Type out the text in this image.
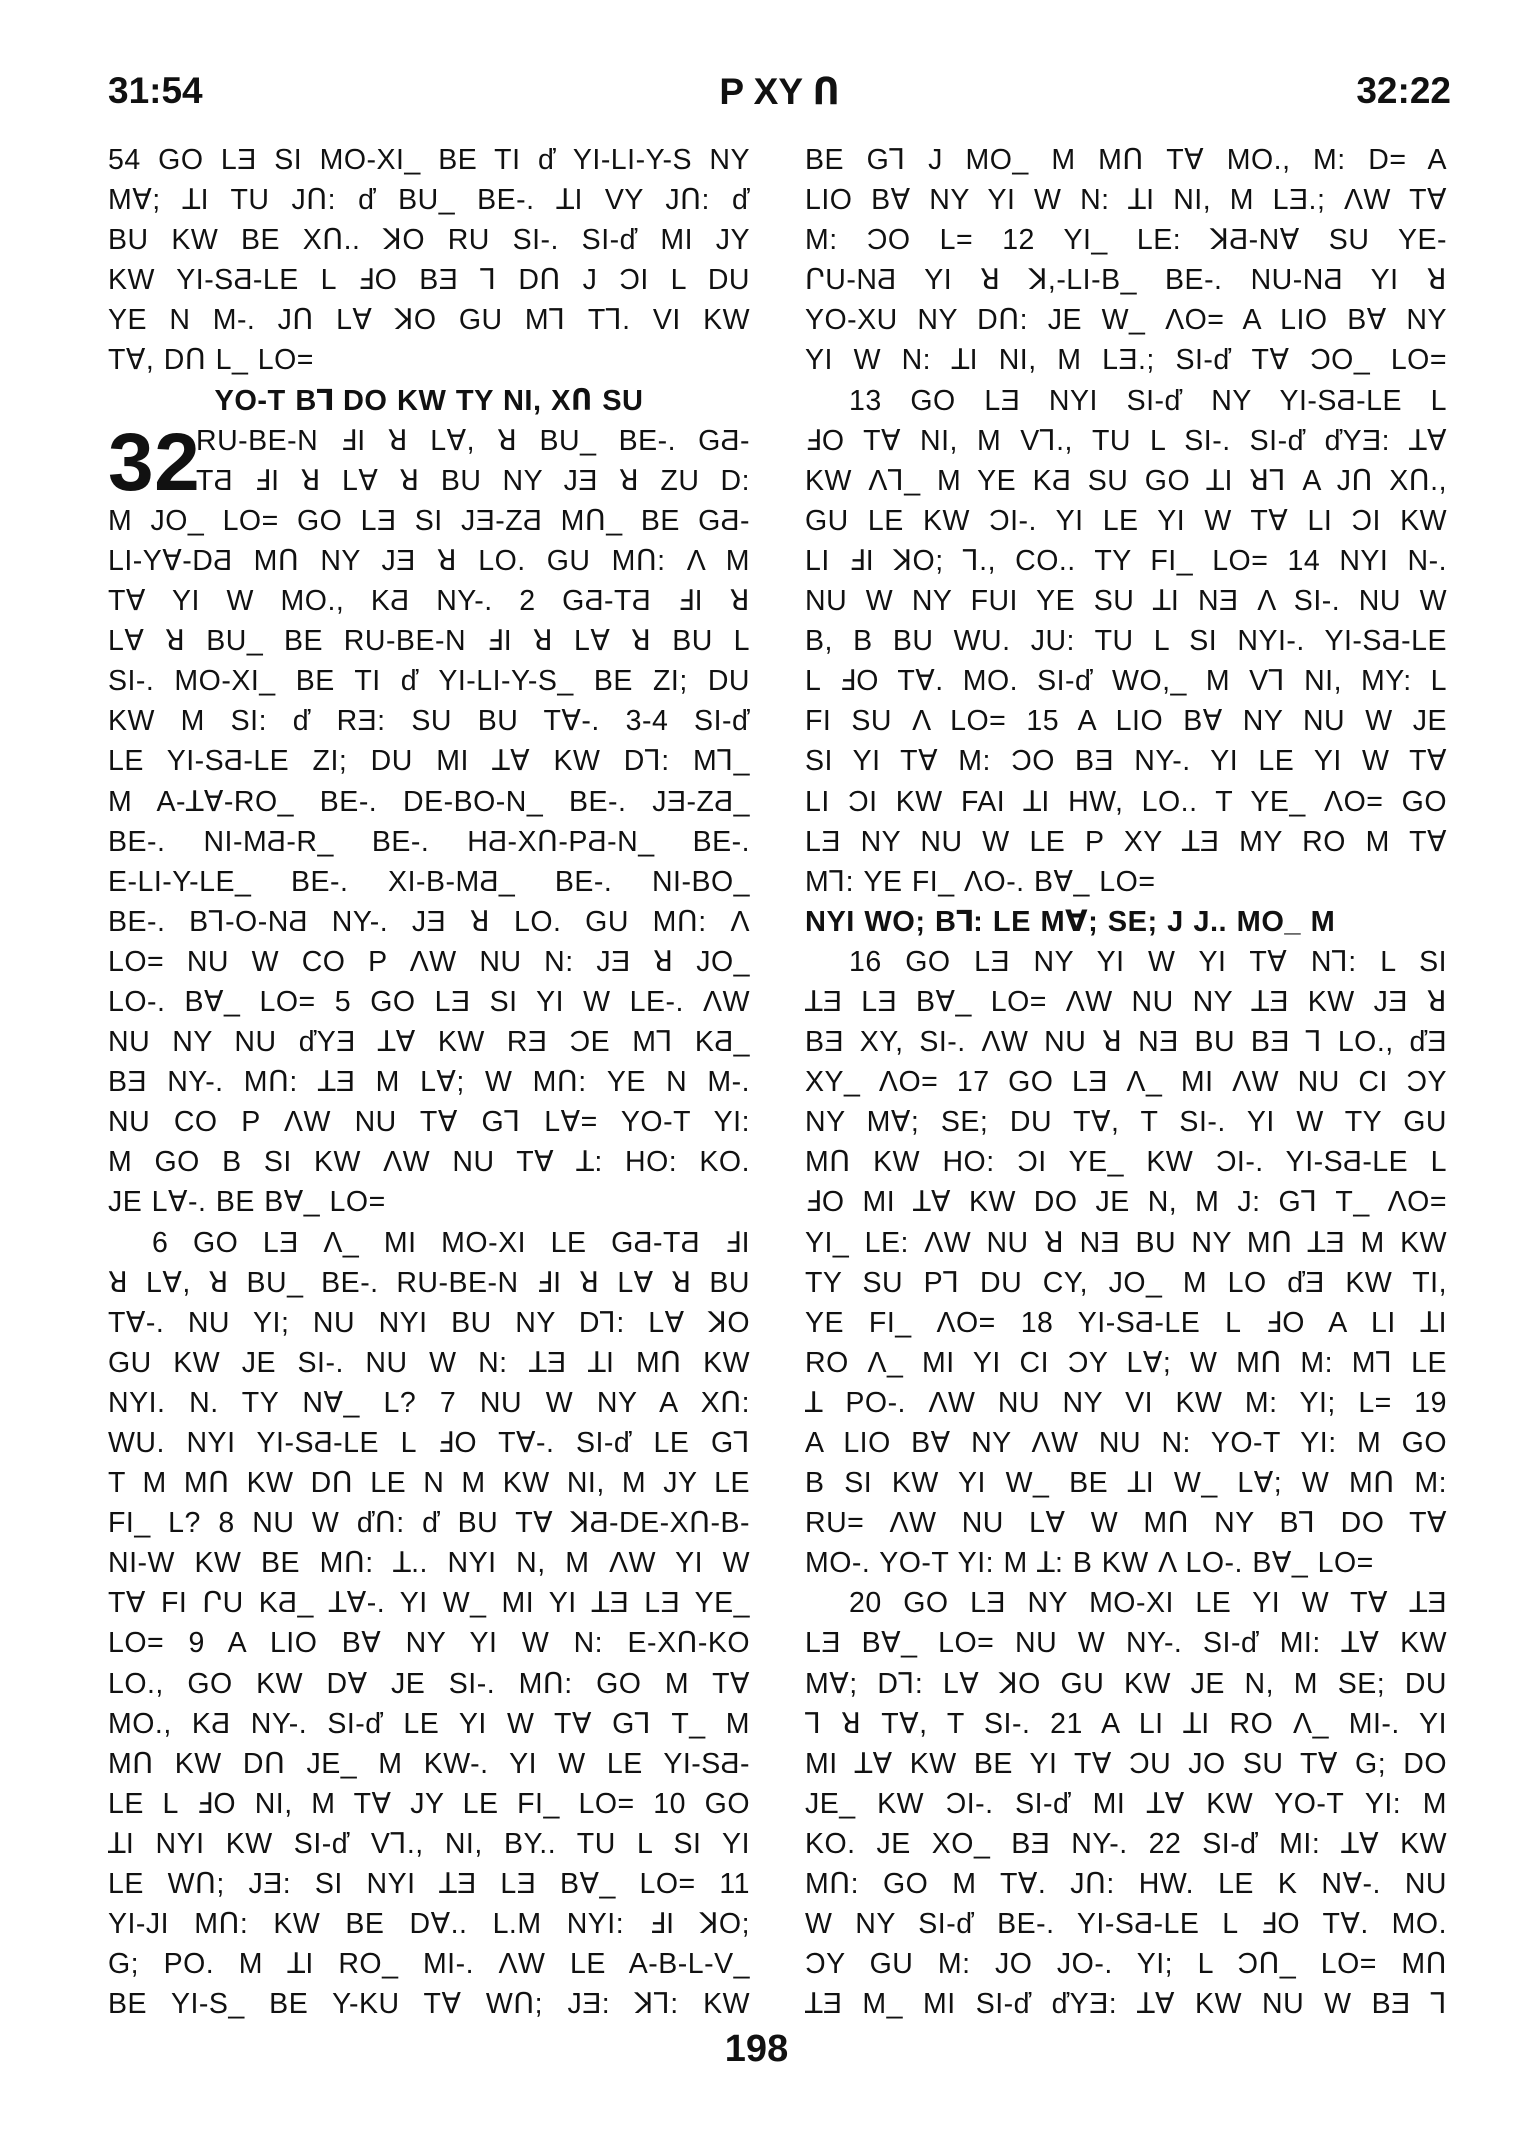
31:54	P XY Ո	32:22
54 GO LƎ SI MO-XI_ BE TI ď YI-LI-Y-S NY
MⱯ; ꓕI TU JՈ: ď BU_ BE-. ꓕI VY JՈ: ď
BU KW BE XՈ.. ꓘO RU SI-. SI-ď MI JY
KW YI-SƋ-LE L ꓞO BƎ ꓶ DՈ J ƆI L DU
YE N M-. JՈ LⱯ ꓘO GU Mꓶ Tꓶ. VI KW
TⱯ, DՈ L_ LO=
YO-T Bꓶ DO KW TY NI, XՈ SU
32
RU-BE-N ꓞI ꓤ LⱯ, ꓤ BU_ BE-. GƋ-
TƋ ꓞI ꓤ LⱯ ꓤ BU NY JƎ ꓤ ZU D:
M JO_ LO= GO LƎ SI JƎ-ZƋ MՈ_ BE GƋ-
LI-YⱯ-DƋ MՈ NY JƎ ꓤ LO. GU MՈ: Λ M
TⱯ YI W MO., KƋ NY-. 2 GƋ-TƋ ꓞI ꓤ
LⱯ ꓤ BU_ BE RU-BE-N ꓞI ꓤ LⱯ ꓤ BU L
SI-. MO-XI_ BE TI ď YI-LI-Y-S_ BE ZI; DU
KW M SI: ď RƎ: SU BU TⱯ-. 3-4 SI-ď
LE YI-SƋ-LE ZI; DU MI ꓕⱯ KW Dꓶ: Mꓶ_
M A-ꓕⱯ-RO_ BE-. DE-BO-N_ BE-. JƎ-ZƋ_
BE-. NI-MƋ-R_ BE-. HƋ-XՈ-PƋ-N_ BE-.
E-LI-Y-LE_ BE-. XI-B-MƋ_ BE-. NI-BO_
BE-. Bꓶ-O-NƋ NY-. JƎ ꓤ LO. GU MՈ: Λ
LO= NU W CO P ΛW NU N: JƎ ꓤ JO_
LO-. BⱯ_ LO= 5 GO LƎ SI YI W LE-. ΛW
NU NY NU ďYƎ ꓕⱯ KW RƎ ƆE Mꓶ KƋ_
BƎ NY-. MՈ: ꓕƎ M LⱯ; W MՈ: YE N M-.
NU CO P ΛW NU TⱯ Gꓶ LⱯ= YO-T YI:
M GO B SI KW ΛW NU TⱯ ꓕ: HO: KO.
JE LⱯ-. BE BⱯ_ LO=
6 GO LƎ Λ_ MI MO-XI LE GƋ-TƋ ꓞI
ꓤ LⱯ, ꓤ BU_ BE-. RU-BE-N ꓞI ꓤ LⱯ ꓤ BU
TⱯ-. NU YI; NU NYI BU NY Dꓶ: LⱯ ꓘO
GU KW JE SI-. NU W N: ꓕƎ ꓕI MՈ KW
NYI. N. TY NⱯ_ L? 7 NU W NY A XՈ:
WU. NYI YI-SƋ-LE L ꓞO TⱯ-. SI-ď LE Gꓶ
T M MՈ KW DՈ LE N M KW NI, M JY LE
FI_ L? 8 NU W ďՈ: ď BU TⱯ ꓘƋ-DE-XՈ-B-
NI-W KW BE MՈ: ꓕ.. NYI N, M ΛW YI W
TⱯ FI ՐU KƋ_ ꓕⱯ-. YI W_ MI YI ꓕƎ LƎ YE_
LO= 9 A LIO BⱯ NY YI W N: E-XՈ-KO
LO., GO KW DⱯ JE SI-. MՈ: GO M TⱯ
MO., KƋ NY-. SI-ď LE YI W TⱯ Gꓶ T_ M
MՈ KW DՈ JE_ M KW-. YI W LE YI-SƋ-
LE L ꓞO NI, M TⱯ JY LE FI_ LO= 10 GO
ꓕI NYI KW SI-ď Vꓶ., NI, BY.. TU L SI YI
LE WՈ; JƎ: SI NYI ꓕƎ LƎ BⱯ_ LO= 11
YI-JI MՈ: KW BE DⱯ.. L.M NYI: ꓞI ꓘO;
G; PO. M ꓕI RO_ MI-. ΛW LE A-B-L-V_
BE YI-S_ BE Y-KU TⱯ WՈ; JƎ: ꓘꓶ: KW
BE Gꓶ J MO_ M MՈ TⱯ MO., M: D= A
LIO BⱯ NY YI W N: ꓕI NI, M LƎ.; ΛW TⱯ
M: ƆO L= 12 YI_ LE: ꓘƋ-NⱯ SU YE-
ՐU-NƋ YI ꓤ ꓘ,-LI-B_ BE-. NU-NƋ YI ꓤ
YO-XU NY DՈ: JE W_ ΛO= A LIO BⱯ NY
YI W N: ꓕI NI, M LƎ.; SI-ď TⱯ ƆO_ LO=
13 GO LƎ NYI SI-ď NY YI-SƋ-LE L
ꓞO TⱯ NI, M Vꓶ., TU L SI-. SI-ď ďYƎ: ꓕⱯ
KW Λꓶ_ M YE KƋ SU GO ꓕI ꓤꓶ A JՈ XՈ.,
GU LE KW ƆI-. YI LE YI W TⱯ LI ƆI KW
LI ꓞI ꓘO; ꓶ., CO.. TY FI_ LO= 14 NYI N-.
NU W NY FUI YE SU ꓕI NƎ Λ SI-. NU W
B, B BU WU. JU: TU L SI NYI-. YI-SƋ-LE
L ꓞO TⱯ. MO. SI-ď WO,_ M Vꓶ NI, MY: L
FI SU Λ LO= 15 A LIO BⱯ NY NU W JE
SI YI TⱯ M: ƆO BƎ NY-. YI LE YI W TⱯ
LI ƆI KW FAI ꓕI HW, LO.. T YE_ ΛO= GO
LƎ NY NU W LE P XY ꓕƎ MY RO M TⱯ
Mꓶ: YE FI_ ΛO-. BⱯ_ LO=
NYI WO; Bꓶ: LE MⱯ; SE; J J.. MO_ M
16 GO LƎ NY YI W YI TⱯ Nꓶ: L SI
ꓕƎ LƎ BⱯ_ LO= ΛW NU NY ꓕƎ KW JƎ ꓤ
BƎ XY, SI-. ΛW NU ꓤ NƎ BU BƎ ꓶ LO., ďƎ
XY_ ΛO= 17 GO LƎ Λ_ MI ΛW NU CI ƆY
NY MⱯ; SE; DU TⱯ, T SI-. YI W TY GU
MՈ KW HO: ƆI YE_ KW ƆI-. YI-SƋ-LE L
ꓞO MI ꓕⱯ KW DO JE N, M J: Gꓶ T_ ΛO=
YI_ LE: ΛW NU ꓤ NƎ BU NY MՈ ꓕƎ M KW
TY SU Pꓶ DU CY, JO_ M LO ďƎ KW TI,
YE FI_ ΛO= 18 YI-SƋ-LE L ꓞO A LI ꓕI
RO Λ_ MI YI CI ƆY LⱯ; W MՈ M: Mꓶ LE
ꓕ PO-. ΛW NU NY VI KW M: YI; L= 19
A LIO BⱯ NY ΛW NU N: YO-T YI: M GO
B SI KW YI W_ BE ꓕI W_ LⱯ; W MՈ M:
RU= ΛW NU LⱯ W MՈ NY Bꓶ DO TⱯ
MO-. YO-T YI: M ꓕ: B KW Λ LO-. BⱯ_ LO=
20 GO LƎ NY MO-XI LE YI W TⱯ ꓕƎ
LƎ BⱯ_ LO= NU W NY-. SI-ď MI: ꓕⱯ KW
MⱯ; Dꓶ: LⱯ ꓘO GU KW JE N, M SE; DU
ꓶ ꓤ TⱯ, T SI-. 21 A LI ꓕI RO Λ_ MI-. YI
MI ꓕⱯ KW BE YI TⱯ ƆU JO SU TⱯ G; DO
JE_ KW ƆI-. SI-ď MI ꓕⱯ KW YO-T YI: M
KO. JE XO_ BƎ NY-. 22 SI-ď MI: ꓕⱯ KW
MՈ: GO M TⱯ. JՈ: HW. LE K NⱯ-. NU
W NY SI-ď BE-. YI-SƋ-LE L ꓞO TⱯ. MO.
ƆY GU M: JO JO-. YI; L ƆՈ_ LO= MՈ
ꓕƎ M_ MI SI-ď ďYƎ: ꓕⱯ KW NU W BƎ ꓶ
198
